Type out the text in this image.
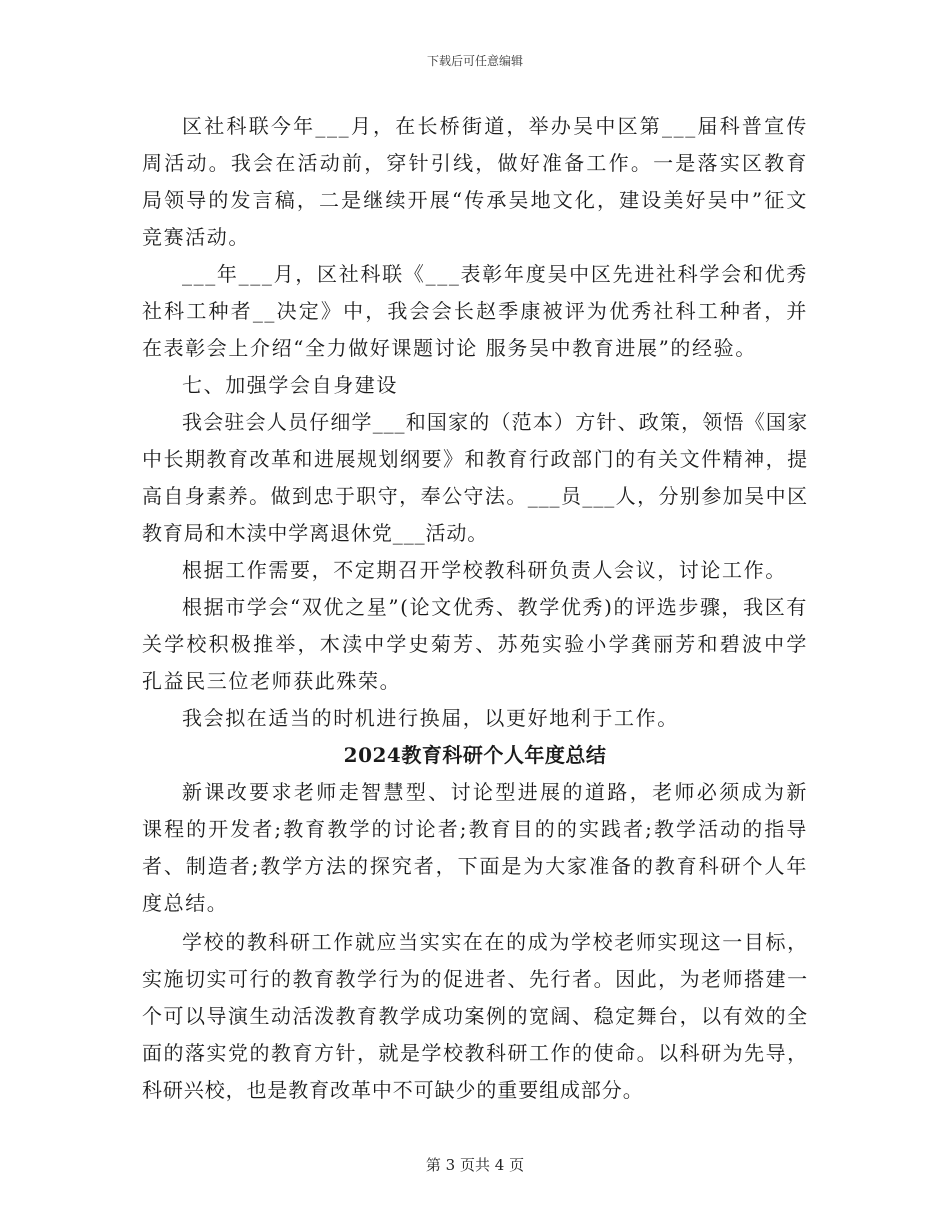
下载后可任意编辑

区社科联今年___月，在长桥街道，举办吴中区第___届科普宣传周活动。我会在活动前，穿针引线，做好准备工作。一是落实区教育局领导的发言稿，二是继续开展“传承吴地文化，建设美好吴中”征文竞赛活动。

___年___月，区社科联《___表彰年度吴中区先进社科学会和优秀社科工种者__决定》中，我会会长赵季康被评为优秀社科工种者，并在表彰会上介绍“全力做好课题讨论 服务吴中教育进展”的经验。

七、加强学会自身建设

我会驻会人员仔细学___和国家的（范本）方针、政策，领悟《国家中长期教育改革和进展规划纲要》和教育行政部门的有关文件精神，提高自身素养。做到忠于职守，奉公守法。___员___人，分别参加吴中区教育局和木渎中学离退休党___活动。

根据工作需要，不定期召开学校教科研负责人会议，讨论工作。

根据市学会“双优之星”(论文优秀、教学优秀)的评选步骤，我区有关学校积极推举，木渎中学史菊芳、苏苑实验小学龚丽芳和碧波中学孔益民三位老师获此殊荣。

我会拟在适当的时机进行换届，以更好地利于工作。

2024教育科研个人年度总结

新课改要求老师走智慧型、讨论型进展的道路，老师必须成为新课程的开发者;教育教学的讨论者;教育目的的实践者;教学活动的指导者、制造者;教学方法的探究者，下面是为大家准备的教育科研个人年度总结。

学校的教科研工作就应当实实在在的成为学校老师实现这一目标，实施切实可行的教育教学行为的促进者、先行者。因此，为老师搭建一个可以导演生动活泼教育教学成功案例的宽阔、稳定舞台，以有效的全面的落实党的教育方针，就是学校教科研工作的使命。以科研为先导，科研兴校，也是教育改革中不可缺少的重要组成部分。

第 3 页共 4 页
